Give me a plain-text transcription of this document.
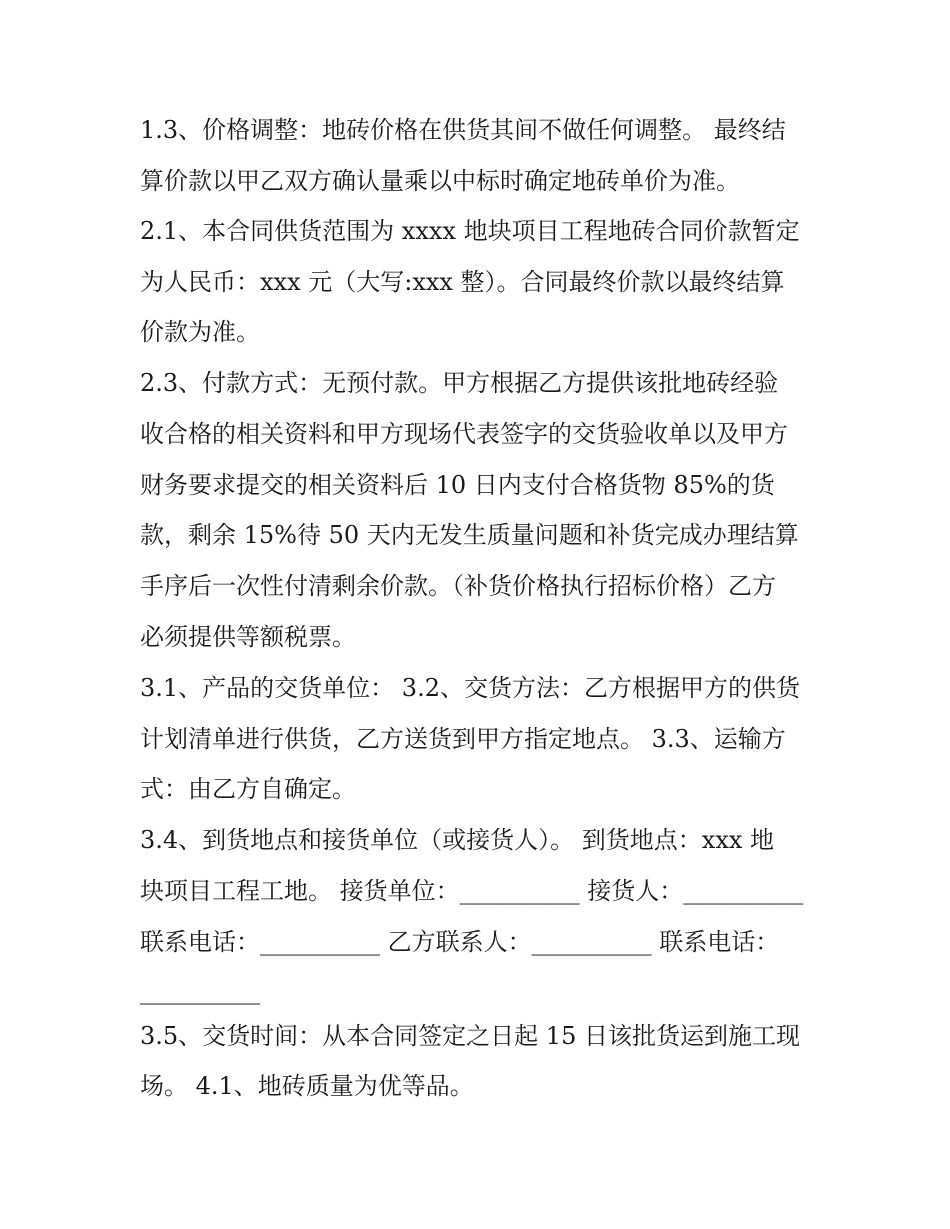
1.3、价格调整：地砖价格在供货其间不做任何调整。 最终结
算价款以甲乙双方确认量乘以中标时确定地砖单价为准。
2.1、本合同供货范围为 xxxx 地块项目工程地砖合同价款暂定
为人民币：xxx 元（大写:xxx 整）。合同最终价款以最终结算
价款为准。
2.3、付款方式：无预付款。甲方根据乙方提供该批地砖经验
收合格的相关资料和甲方现场代表签字的交货验收单以及甲方
财务要求提交的相关资料后 10 日内支付合格货物 85%的货
款，剩余 15%待 50 天内无发生质量问题和补货完成办理结算
手序后一次性付清剩余价款。（补货价格执行招标价格）乙方
必须提供等额税票。
3.1、产品的交货单位： 3.2、交货方法：乙方根据甲方的供货
计划清单进行供货，乙方送货到甲方指定地点。 3.3、运输方
式：由乙方自确定。
3.4、到货地点和接货单位（或接货人）。 到货地点：xxx 地
块项目工程工地。 接货单位：__________ 接货人：__________
联系电话：__________ 乙方联系人：__________ 联系电话：
__________
3.5、交货时间：从本合同签定之日起 15 日该批货运到施工现
场。 4.1、地砖质量为优等品。
